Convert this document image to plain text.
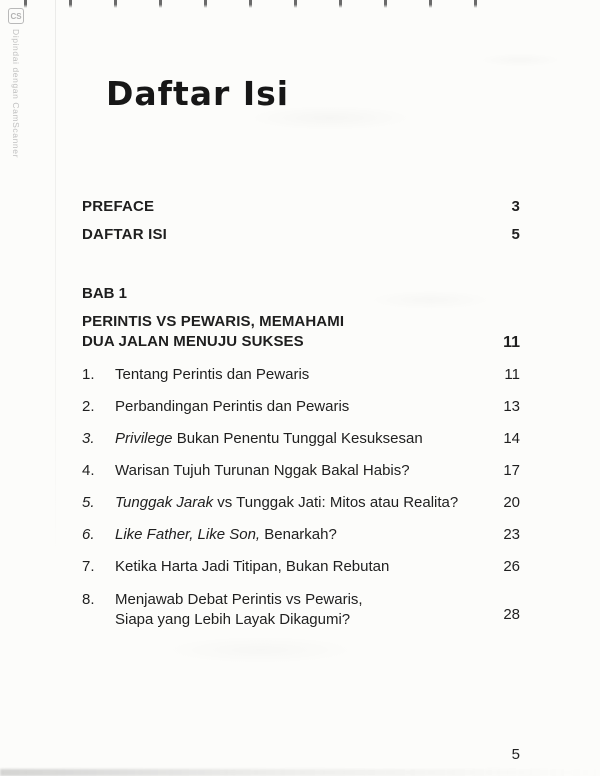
CS
Dipindai dengan CamScanner	Daftar Isi
PREFACE	3
DAFTAR ISI	5
BAB 1
PERINTIS VS PEWARIS, MEMAHAMI
DUA JALAN MENUJU SUKSES	11
1.	Tentang Perintis dan Pewaris	11
2.	Perbandingan Perintis dan Pewaris	13
3.	Privilege Bukan Penentu Tunggal Kesuksesan	14
4.	Warisan Tujuh Turunan Nggak Bakal Habis?	17
5.	Tunggak Jarak vs Tunggak Jati: Mitos atau Realita?	20
6.	Like Father, Like Son, Benarkah?	23
7.	Ketika Harta Jadi Titipan, Bukan Rebutan	26
8.	Menjawab Debat Perintis vs Pewaris,
Siapa yang Lebih Layak Dikagumi?	28
5
